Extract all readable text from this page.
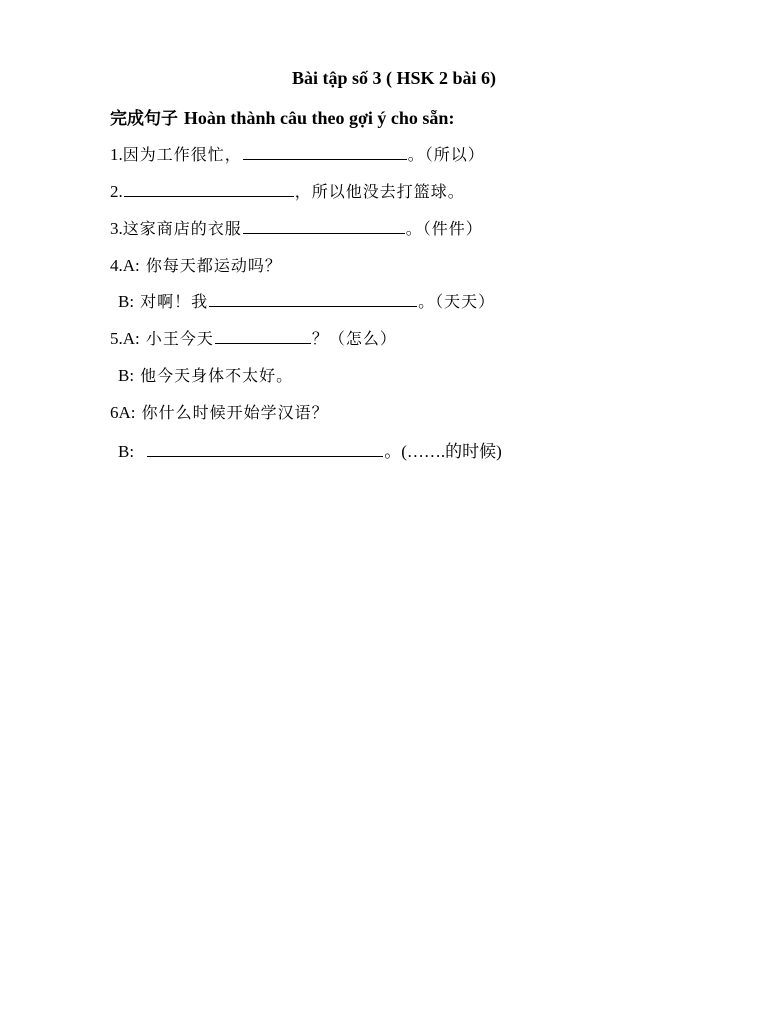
Bài tập số 3 ( HSK 2 bài 6)
完成句子 Hoàn thành câu theo gợi ý cho sẵn:
1.因为工作很忙，	。（所以）
2.	，所以他没去打篮球。
3.这家商店的衣服	。（件件）
4.A: 你每天都运动吗？
B: 对啊！我	。（天天）
5.A: 小王今天	？（怎么）
B: 他今天身体不太好。
6A: 你什么时候开始学汉语？
B:	。(…….的时候)
